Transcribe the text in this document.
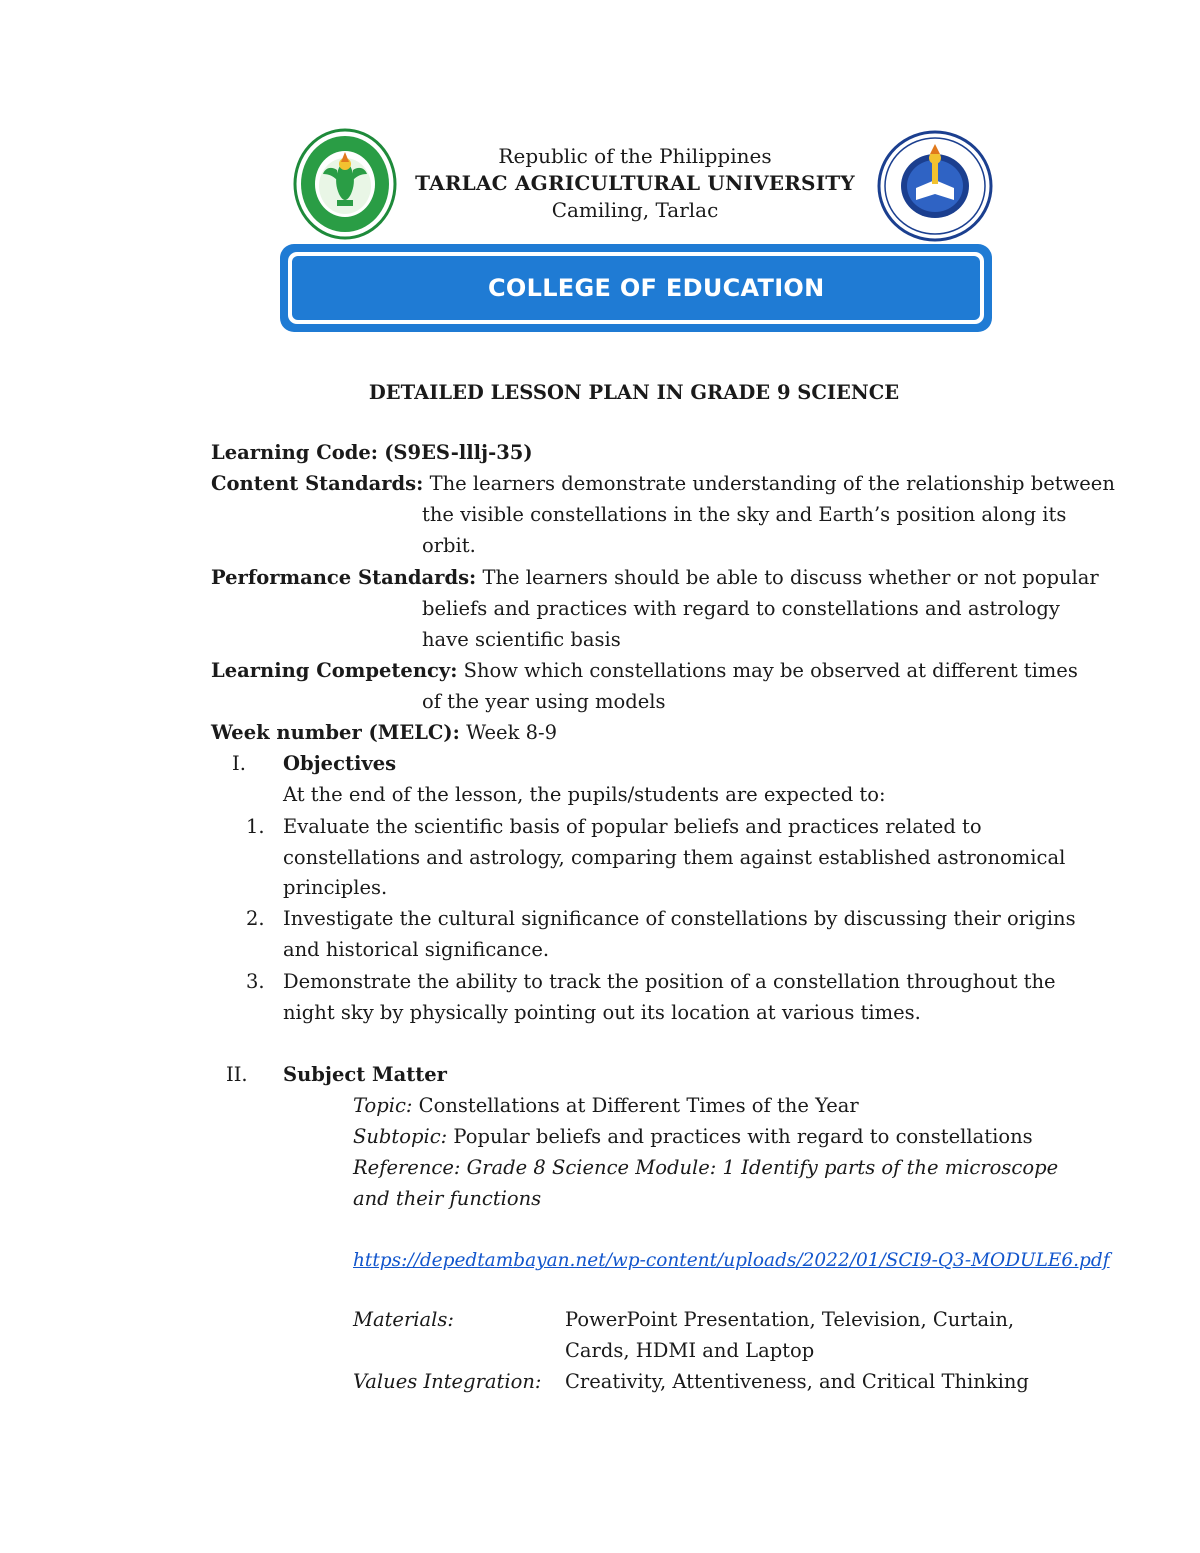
Republic of the Philippines
TARLAC AGRICULTURAL UNIVERSITY
Camiling, Tarlac
COLLEGE OF EDUCATION
DETAILED LESSON PLAN IN GRADE 9 SCIENCE
Learning Code: (S9ES-lllj-35)
Content Standards: The learners demonstrate understanding of the relationship between
the visible constellations in the sky and Earth’s position along its
orbit.
Performance Standards: The learners should be able to discuss whether or not popular
beliefs and practices with regard to constellations and astrology
have scientific basis
Learning Competency: Show which constellations may be observed at different times
of the year using models
Week number (MELC): Week 8-9
I. Objectives
At the end of the lesson, the pupils/students are expected to:
1. Evaluate the scientific basis of popular beliefs and practices related to
constellations and astrology, comparing them against established astronomical
principles.
2. Investigate the cultural significance of constellations by discussing their origins
and historical significance.
3. Demonstrate the ability to track the position of a constellation throughout the
night sky by physically pointing out its location at various times.
II. Subject Matter
Topic: Constellations at Different Times of the Year
Subtopic: Popular beliefs and practices with regard to constellations
Reference: Grade 8 Science Module: 1 Identify parts of the microscope
and their functions
https://depedtambayan.net/wp-content/uploads/2022/01/SCI9-Q3-MODULE6.pdf
Materials:	PowerPoint Presentation, Television, Curtain,
Cards, HDMI and Laptop
Values Integration: Creativity, Attentiveness, and Critical Thinking
